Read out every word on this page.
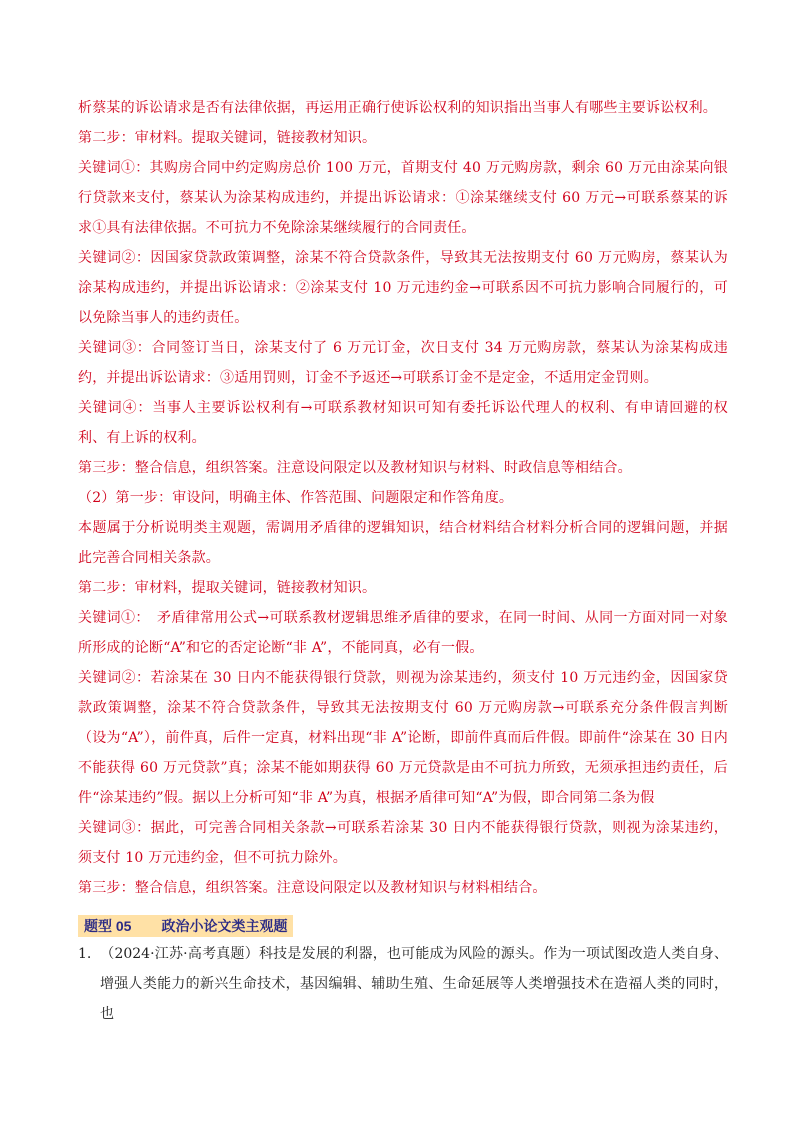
析蔡某的诉讼请求是否有法律依据，再运用正确行使诉讼权利的知识指出当事人有哪些主要诉讼权利。

第二步：审材料。提取关键词，链接教材知识。

关键词①：其购房合同中约定购房总价 100 万元，首期支付 40 万元购房款，剩余 60 万元由涂某向银行贷款来支付，蔡某认为涂某构成违约，并提出诉讼请求：①涂某继续支付 60 万元→可联系蔡某的诉求①具有法律依据。不可抗力不免除涂某继续履行的合同责任。

关键词②：因国家贷款政策调整，涂某不符合贷款条件，导致其无法按期支付 60 万元购房，蔡某认为涂某构成违约，并提出诉讼请求：②涂某支付 10 万元违约金→可联系因不可抗力影响合同履行的，可以免除当事人的违约责任。

关键词③：合同签订当日，涂某支付了 6 万元订金，次日支付 34 万元购房款，蔡某认为涂某构成违约，并提出诉讼请求：③适用罚则，订金不予返还→可联系订金不是定金，不适用定金罚则。

关键词④：当事人主要诉讼权利有→可联系教材知识可知有委托诉讼代理人的权利、有申请回避的权利、有上诉的权利。

第三步：整合信息，组织答案。注意设问限定以及教材知识与材料、时政信息等相结合。

（2）第一步：审设问，明确主体、作答范围、问题限定和作答角度。

本题属于分析说明类主观题，需调用矛盾律的逻辑知识，结合材料结合材料分析合同的逻辑问题，并据此完善合同相关条款。

第二步：审材料，提取关键词，链接教材知识。

关键词①：　矛盾律常用公式→可联系教材逻辑思维矛盾律的要求，在同一时间、从同一方面对同一对象所形成的论断“A”和它的否定论断“非 A”，不能同真，必有一假。

关键词②：若涂某在 30 日内不能获得银行贷款，则视为涂某违约，须支付 10 万元违约金，因国家贷款政策调整，涂某不符合贷款条件，导致其无法按期支付 60 万元购房款→可联系充分条件假言判断（设为“A”），前件真，后件一定真，材料出现“非 A”论断，即前件真而后件假。即前件“涂某在 30 日内不能获得 60 万元贷款”真；涂某不能如期获得 60 万元贷款是由不可抗力所致，无须承担违约责任，后件“涂某违约”假。据以上分析可知“非 A”为真，根据矛盾律可知“A”为假，即合同第二条为假

关键词③：据此，可完善合同相关条款→可联系若涂某 30 日内不能获得银行贷款，则视为涂某违约，须支付 10 万元违约金，但不可抗力除外。

第三步：整合信息，组织答案。注意设问限定以及教材知识与材料相结合。

题型 05 政治小论文类主观题

1. （2024·江苏·高考真题）科技是发展的利器，也可能成为风险的源头。作为一项试图改造人类自身、增强人类能力的新兴生命技术，基因编辑、辅助生殖、生命延展等人类增强技术在造福人类的同时，也
